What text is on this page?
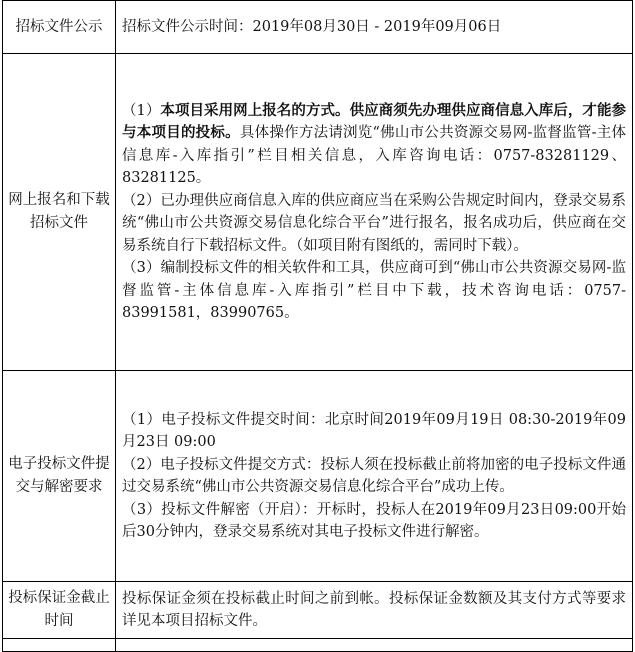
招标文件公示	招标文件公示时间：2019年08月30日 - 2019年09月06日
网上报名和下载招标文件	（1）本项目采用网上报名的方式。供应商须先办理供应商信息入库后，才能参与本项目的投标。具体操作方法请浏览“佛山市公共资源交易网-监督监管-主体信息库-入库指引”栏目相关信息，入库咨询电话：0757-83281129、83281125。

（2）已办理供应商信息入库的供应商应当在采购公告规定时间内，登录交易系统“佛山市公共资源交易信息化综合平台”进行报名，报名成功后，供应商在交易系统自行下载招标文件。（如项目附有图纸的，需同时下载）。

（3）编制投标文件的相关软件和工具，供应商可到“佛山市公共资源交易网-监督监管-主体信息库-入库指引”栏目中下载，技术咨询电话：0757-83991581，83990765。

电子投标文件提交与解密要求	（1）电子投标文件提交时间：北京时间2019年09月19日 08:30-2019年09月23日 09:00

（2）电子投标文件提交方式：投标人须在投标截止前将加密的电子投标文件通过交易系统“佛山市公共资源交易信息化综合平台”成功上传。

（3）投标文件解密（开启）：开标时，投标人在2019年09月23日09:00开始后30分钟内，登录交易系统对其电子投标文件进行解密。

投标保证金截止时间	投标保证金须在投标截止时间之前到帐。投标保证金数额及其支付方式等要求详见本项目招标文件。
